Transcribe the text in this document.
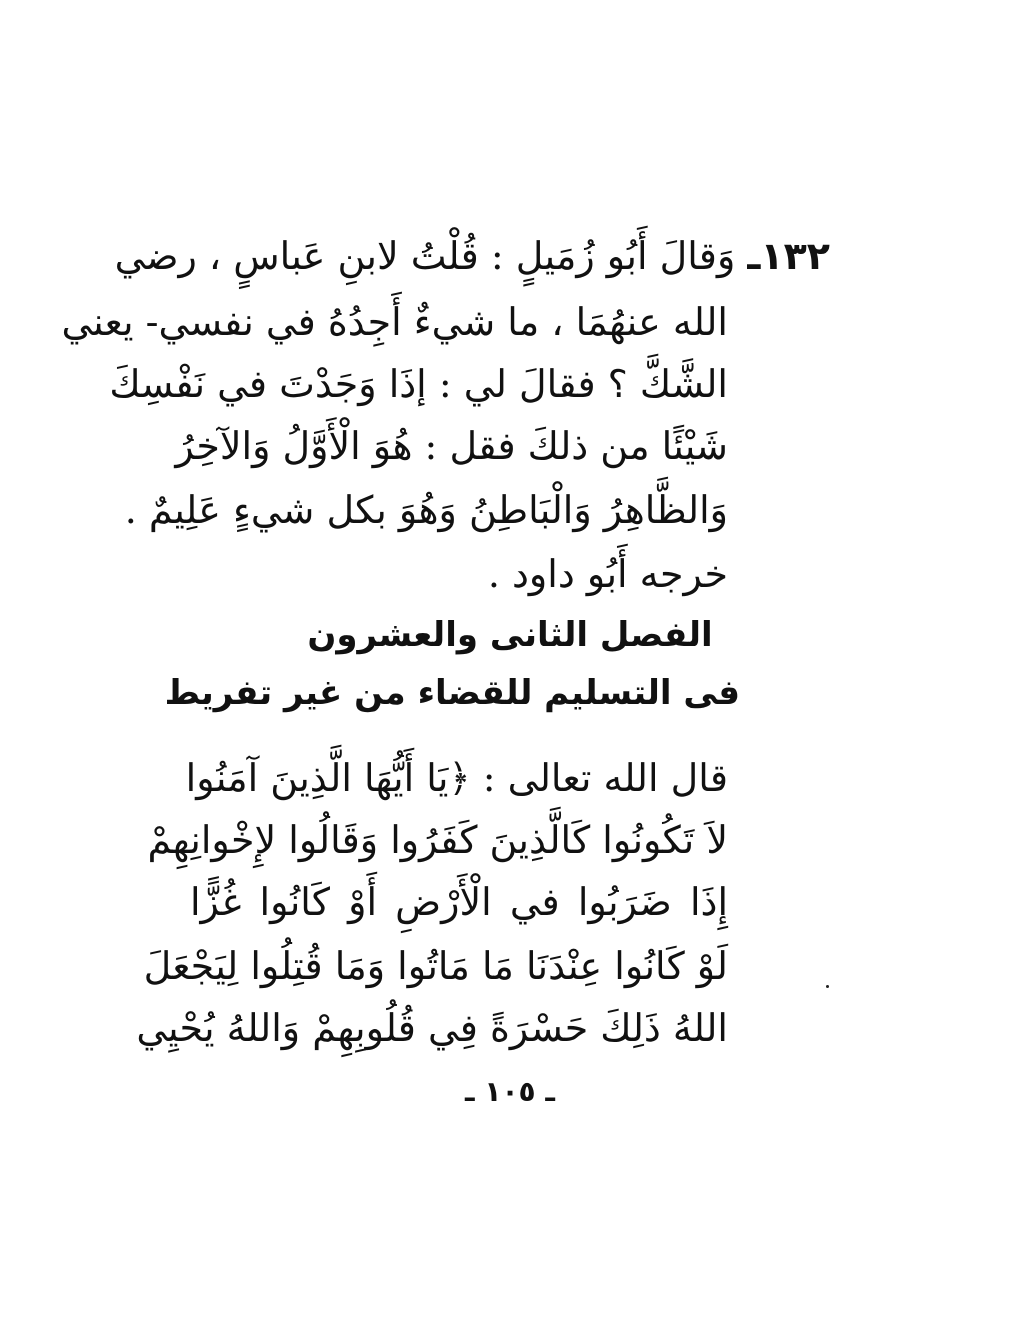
١٣٢ـ وَقالَ أَبُو زُمَيلٍ : قُلْتُ لابنِ عَباسٍ ، رضي
الله عنهُمَا ، ما شيءٌ أَجِدُهُ في نفسي- يعني
الشَّكَّ ؟ فقالَ لي : إذَا وَجَدْتَ في نَفْسِكَ
شَيْئًا من ذلكَ فقل : هُوَ الْأَوَّلُ وَالآخِرُ
وَالظَّاهِرُ وَالْبَاطِنُ وَهُوَ بكل شيءٍ عَلِيمٌ .
خرجه أَبُو داود .
الفصل الثانى والعشرون
فى التسليم للقضاء من غير تفريط
قال الله تعالى : ﴿يَا أَيُّهَا الَّذِينَ آمَنُوا
لاَ تَكُونُوا كَالَّذِينَ كَفَرُوا وَقَالُوا لإِخْوانِهِمْ
إِذَا ضَرَبُوا في الْأَرْضِ أَوْ كَانُوا غُزًّا
لَوْ كَانُوا عِنْدَنَا مَا مَاتُوا وَمَا قُتِلُوا لِيَجْعَلَ
اللهُ ذَلِكَ حَسْرَةً فِي قُلُوبِهِمْ وَاللهُ يُحْيِي
ـ ١٠٥ ـ
